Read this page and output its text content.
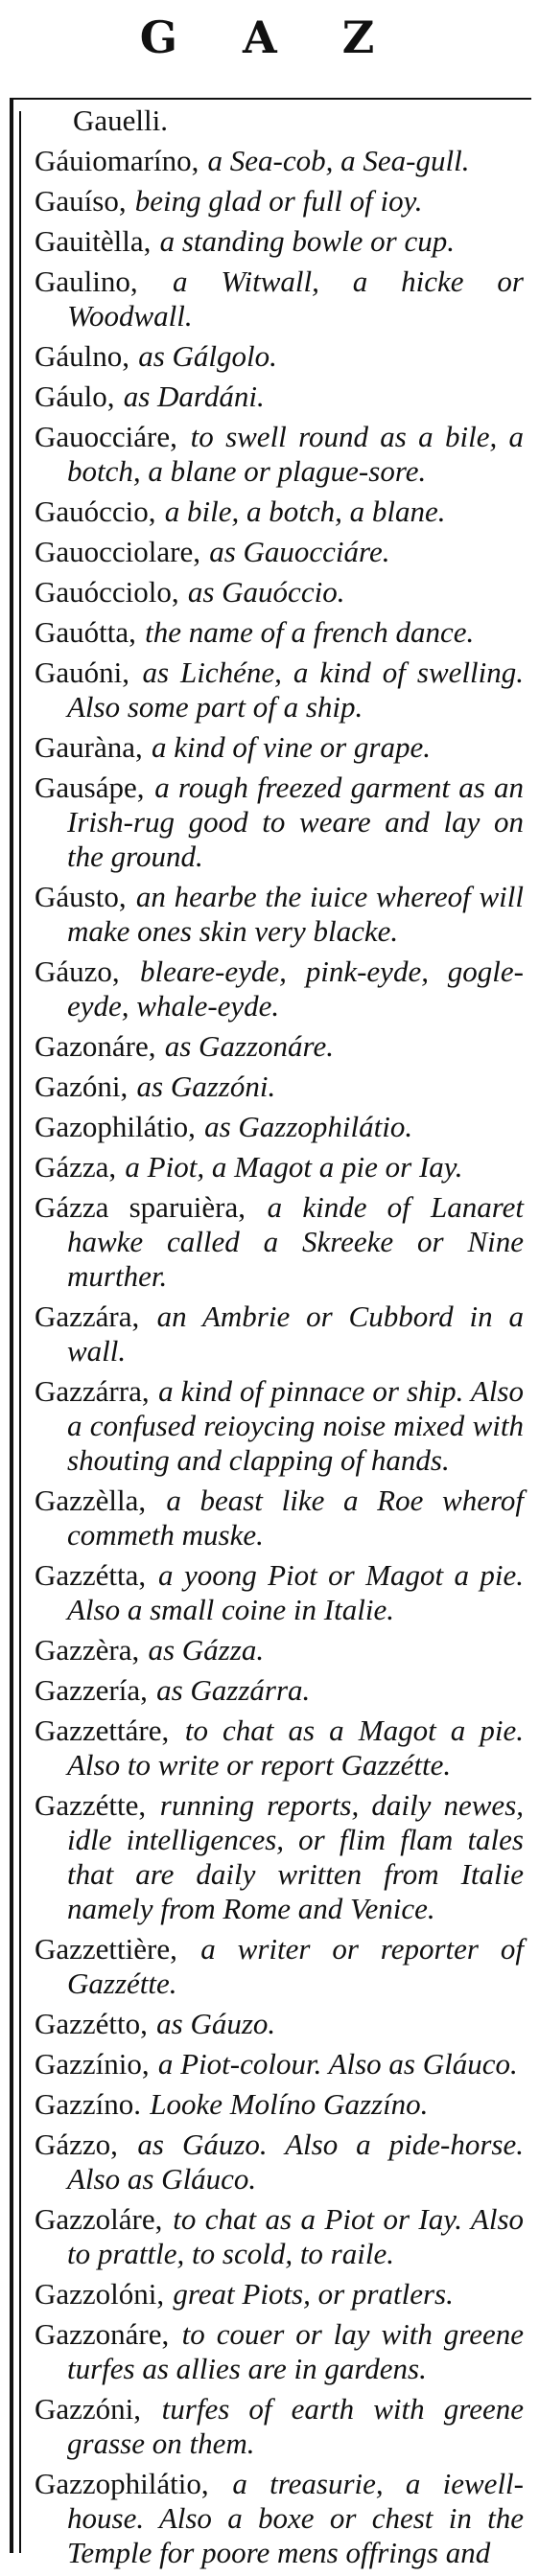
G A Z
Gauelli.
Gáuiomaríno, a Sea-cob, a Sea-gull.
Gauíso, being glad or full of ioy.
Gauitèlla, a standing bowle or cup.
Gaulino, a Witwall, a hicke or Woodwall.
Gáulno, as Gálgolo.
Gáulo, as Dardáni.
Gauocciáre, to swell round as a bile, a botch, a blane or plague-sore.
Gauóccio, a bile, a botch, a blane.
Gauocciolare, as Gauocciáre.
Gauócciolo, as Gauóccio.
Gauótta, the name of a french dance.
Gauóni, as Lichéne, a kind of swelling. Also some part of a ship.
Gauràna, a kind of vine or grape.
Gausápe, a rough freezed garment as an Irish-rug good to weare and lay on the ground.
Gáusto, an hearbe the iuice whereof will make ones skin very blacke.
Gáuzo, bleare-eyde, pink-eyde, gogle-eyde, whale-eyde.
Gazonáre, as Gazzonáre.
Gazóni, as Gazzóni.
Gazophilátio, as Gazzophilátio.
Gázza, a Piot, a Magot a pie or Iay.
Gázza sparuièra, a kinde of Lanaret hawke called a Skreeke or Nine murther.
Gazzára, an Ambrie or Cubbord in a wall.
Gazzárra, a kind of pinnace or ship. Also a confused reioycing noise mixed with shouting and clapping of hands.
Gazzèlla, a beast like a Roe wherof commeth muske.
Gazzétta, a yoong Piot or Magot a pie. Also a small coine in Italie.
Gazzèra, as Gázza.
Gazzería, as Gazzárra.
Gazzettáre, to chat as a Magot a pie. Also to write or report Gazzétte.
Gazzétte, running reports, daily newes, idle intelligences, or flim flam tales that are daily written from Italie namely from Rome and Venice.
Gazzettière, a writer or reporter of Gazzétte.
Gazzétto, as Gáuzo.
Gazzínio, a Piot-colour. Also as Gláuco.
Gazzíno. Looke Molíno Gazzíno.
Gázzo, as Gáuzo. Also a pide-horse. Also as Gláuco.
Gazzoláre, to chat as a Piot or Iay. Also to prattle, to scold, to raile.
Gazzolóni, great Piots, or pratlers.
Gazzonáre, to couer or lay with greene turfes as allies are in gardens.
Gazzóni, turfes of earth with greene grasse on them.
Gazzophilátio, a treasurie, a iewell-house. Also a boxe or chest in the Temple for poore mens offrings and
